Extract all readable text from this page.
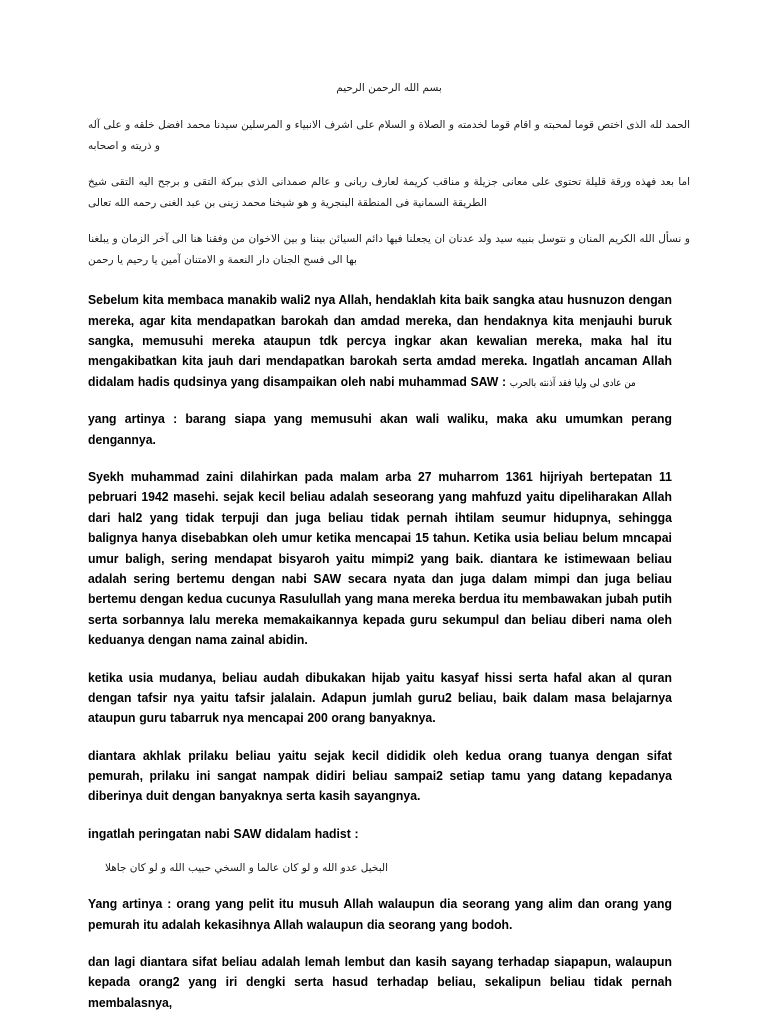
بسم الله الرحمن الرحيم
الحمد لله الذى اختص قوما لمحبته و اقام قوما لخدمته و الصلاة و السلام على اشرف الانبياء و المرسلين سيدنا محمد افضل خلقه و على آله و ذريته و اصحابه
اما بعد فهذه ورقة قليلة تحتوى على معانى جزيلة و مناقب كريمة لعارف ربانى و عالم صمدانى الذى ببركة التقى و برجح اليه التقى شيخ الطريقة السمانية فى المنطقة البنجرية و هو شيخنا محمد زينى بن عبد الغنى رحمه الله تعالى
و نسأل الله الكريم المنان و نتوسل بنبيه سيد ولد عدنان ان يجعلنا فيها دائم السيائن بيننا و بين الاخوان من وفقنا هنا الى آخر الزمان و يبلغنا بها الى فسح الجنان دار النعمة و الامتنان آمين يا رحيم يا رحمن

Sebelum kita membaca manakib wali2 nya Allah, hendaklah kita baik sangka atau husnuzon dengan mereka, agar kita mendapatkan barokah dan amdad mereka, dan hendaknya kita menjauhi buruk sangka, memusuhi mereka ataupun tdk percya ingkar akan kewalian mereka, maka hal itu mengakibatkan kita jauh dari mendapatkan barokah serta amdad mereka. Ingatlah ancaman Allah didalam hadis qudsinya yang disampaikan oleh nabi muhammad SAW : من عادى لى وليا فقد آذنته بالحرب

yang artinya : barang siapa yang memusuhi akan wali waliku, maka aku umumkan perang dengannya.

Syekh muhammad zaini dilahirkan pada malam arba 27 muharrom 1361 hijriyah bertepatan 11 pebruari 1942 masehi. sejak kecil beliau adalah seseorang yang mahfuzd yaitu dipeliharakan Allah dari hal2 yang tidak terpuji dan juga beliau tidak pernah ihtilam seumur hidupnya, sehingga balignya hanya disebabkan oleh umur ketika mencapai 15 tahun. Ketika usia beliau belum mncapai umur baligh, sering mendapat bisyaroh yaitu mimpi2 yang baik. diantara ke istimewaan beliau adalah sering bertemu dengan nabi SAW secara nyata dan juga dalam mimpi dan juga beliau bertemu dengan kedua cucunya Rasulullah yang mana mereka berdua itu membawakan jubah putih serta sorbannya lalu mereka memakaikannya kepada guru sekumpul dan beliau diberi nama oleh keduanya dengan nama zainal abidin.

ketika usia mudanya, beliau audah dibukakan hijab yaitu kasyaf hissi serta hafal akan al quran dengan tafsir nya yaitu tafsir jalalain. Adapun jumlah guru2 beliau, baik dalam masa belajarnya ataupun guru tabarruk nya mencapai 200 orang banyaknya.

diantara akhlak prilaku beliau yaitu sejak kecil dididik oleh kedua orang tuanya dengan sifat pemurah, prilaku ini sangat nampak didiri beliau sampai2 setiap tamu yang datang kepadanya diberinya duit dengan banyaknya serta kasih sayangnya.

ingatlah peringatan nabi SAW didalam hadist :

البخيل عدو الله و لو كان عالما و السخي حبيب الله و لو كان جاهلا

Yang artinya : orang yang pelit itu musuh Allah walaupun dia seorang yang alim dan orang yang pemurah itu adalah kekasihnya Allah walaupun dia seorang yang bodoh.

dan lagi diantara sifat beliau adalah lemah lembut dan kasih sayang terhadap siapapun, walaupun kepada orang2 yang iri dengki serta hasud terhadap beliau, sekalipun beliau tidak pernah membalasnya,
